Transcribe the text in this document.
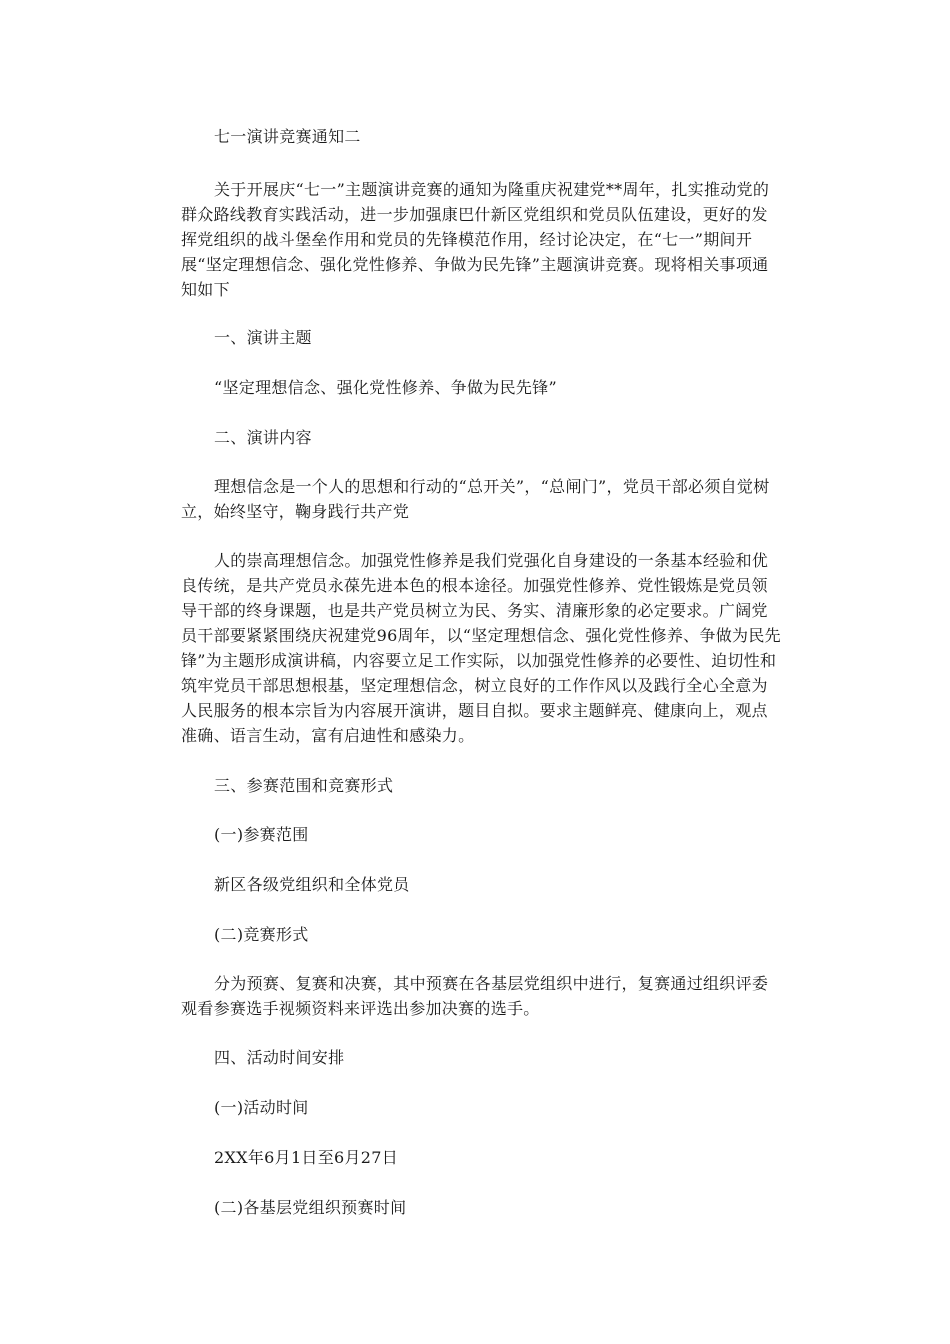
七一演讲竞赛通知二

关于开展庆“七一”主题演讲竞赛的通知为隆重庆祝建党**周年，扎实推动党的群众路线教育实践活动，进一步加强康巴什新区党组织和党员队伍建设，更好的发挥党组织的战斗堡垒作用和党员的先锋模范作用，经讨论决定，在“七一”期间开展“坚定理想信念、强化党性修养、争做为民先锋”主题演讲竞赛。现将相关事项通知如下

一、演讲主题

“坚定理想信念、强化党性修养、争做为民先锋”

二、演讲内容

理想信念是一个人的思想和行动的“总开关”，“总闸门”，党员干部必须自觉树立，始终坚守，鞠身践行共产党

人的崇高理想信念。加强党性修养是我们党强化自身建设的一条基本经验和优良传统，是共产党员永葆先进本色的根本途径。加强党性修养、党性锻炼是党员领导干部的终身课题，也是共产党员树立为民、务实、清廉形象的必定要求。广阔党员干部要紧紧围绕庆祝建党96周年，以“坚定理想信念、强化党性修养、争做为民先锋”为主题形成演讲稿，内容要立足工作实际，以加强党性修养的必要性、迫切性和筑牢党员干部思想根基，坚定理想信念，树立良好的工作作风以及践行全心全意为人民服务的根本宗旨为内容展开演讲，题目自拟。要求主题鲜亮、健康向上，观点准确、语言生动，富有启迪性和感染力。

三、参赛范围和竞赛形式

(一)参赛范围

新区各级党组织和全体党员

(二)竞赛形式

分为预赛、复赛和决赛，其中预赛在各基层党组织中进行，复赛通过组织评委观看参赛选手视频资料来评选出参加决赛的选手。

四、活动时间安排

(一)活动时间

2XX年6月1日至6月27日

(二)各基层党组织预赛时间
